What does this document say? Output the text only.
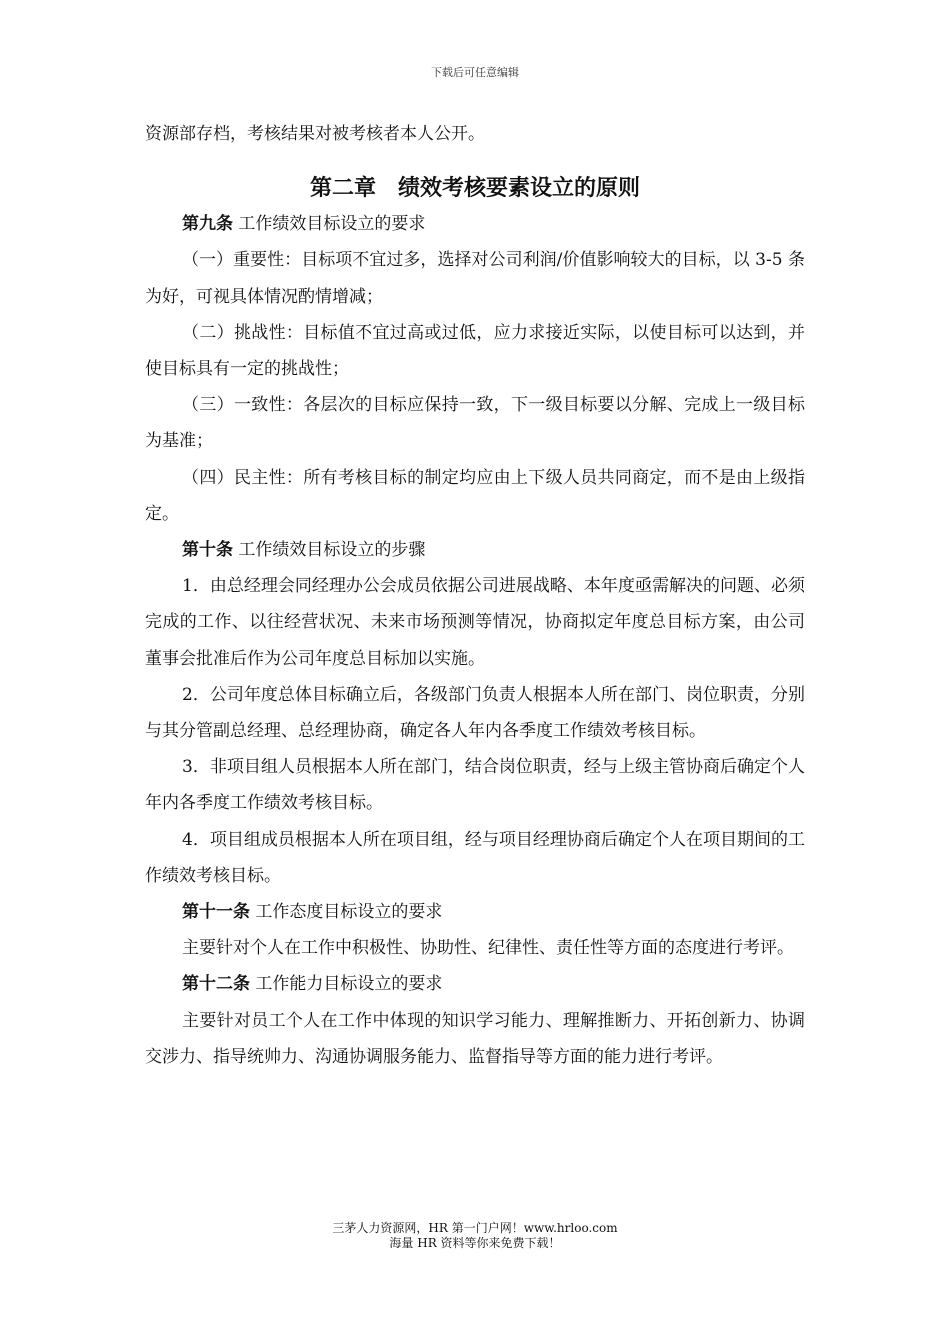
下载后可任意编辑

资源部存档，考核结果对被考核者本人公开。

第二章　绩效考核要素设立的原则

第九条 工作绩效目标设立的要求

（一）重要性：目标项不宜过多，选择对公司利润/价值影响较大的目标，以 3-5 条为好，可视具体情况酌情增减；

（二）挑战性：目标值不宜过高或过低，应力求接近实际，以使目标可以达到，并使目标具有一定的挑战性；

（三）一致性：各层次的目标应保持一致，下一级目标要以分解、完成上一级目标为基准；

（四）民主性：所有考核目标的制定均应由上下级人员共同商定，而不是由上级指定。

第十条 工作绩效目标设立的步骤

1．由总经理会同经理办公会成员依据公司进展战略、本年度亟需解决的问题、必须完成的工作、以往经营状况、未来市场预测等情况，协商拟定年度总目标方案，由公司董事会批准后作为公司年度总目标加以实施。

2．公司年度总体目标确立后，各级部门负责人根据本人所在部门、岗位职责，分别与其分管副总经理、总经理协商，确定各人年内各季度工作绩效考核目标。

3．非项目组人员根据本人所在部门，结合岗位职责，经与上级主管协商后确定个人年内各季度工作绩效考核目标。

4．项目组成员根据本人所在项目组，经与项目经理协商后确定个人在项目期间的工作绩效考核目标。

第十一条 工作态度目标设立的要求

主要针对个人在工作中积极性、协助性、纪律性、责任性等方面的态度进行考评。

第十二条 工作能力目标设立的要求

主要针对员工个人在工作中体现的知识学习能力、理解推断力、开拓创新力、协调交涉力、指导统帅力、沟通协调服务能力、监督指导等方面的能力进行考评。

三茅人力资源网，HR 第一门户网！www.hrloo.com
海量 HR 资料等你来免费下载！
